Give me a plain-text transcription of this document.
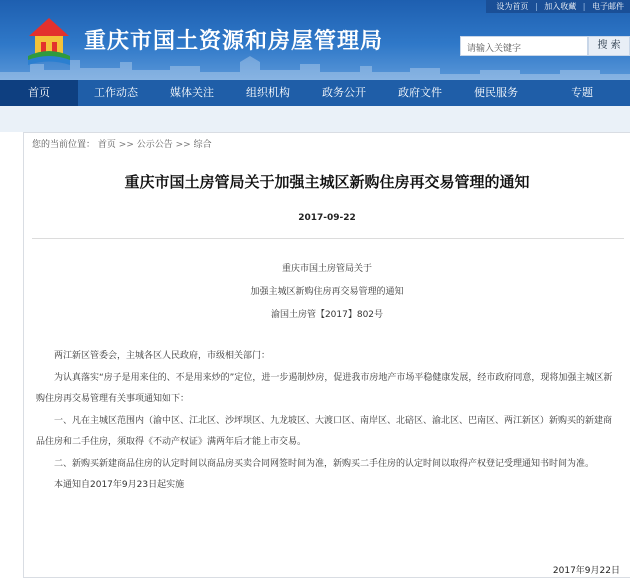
设为首页 | 加入收藏 | 电子邮件
重庆市国土资源和房屋管理局	请输入关键字	搜 索
首页	工作动态	媒体关注	组织机构	政务公开	政府文件	便民服务	专题
您的当前位置： 首页 >> 公示公告 >> 综合
重庆市国土房管局关于加强主城区新购住房再交易管理的通知
2017-09-22
重庆市国土房管局关于
加强主城区新购住房再交易管理的通知
渝国土房管【2017】802号

两江新区管委会，主城各区人民政府，市级相关部门：

为认真落实“房子是用来住的、不是用来炒的”定位，进一步遏制炒房，促进我市房地产市场平稳健康发展，经市政府同意，现将加强主城区新购住房再交易管理有关事项通知如下：

一、凡在主城区范围内（渝中区、江北区、沙坪坝区、九龙坡区、大渡口区、南岸区、北碚区、渝北区、巴南区、两江新区）新购买的新建商品住房和二手住房，须取得《不动产权证》满两年后才能上市交易。

二、新购买新建商品住房的认定时间以商品房买卖合同网签时间为准，新购买二手住房的认定时间以取得产权登记受理通知书时间为准。

本通知自2017年9月23日起实施

2017年9月22日
